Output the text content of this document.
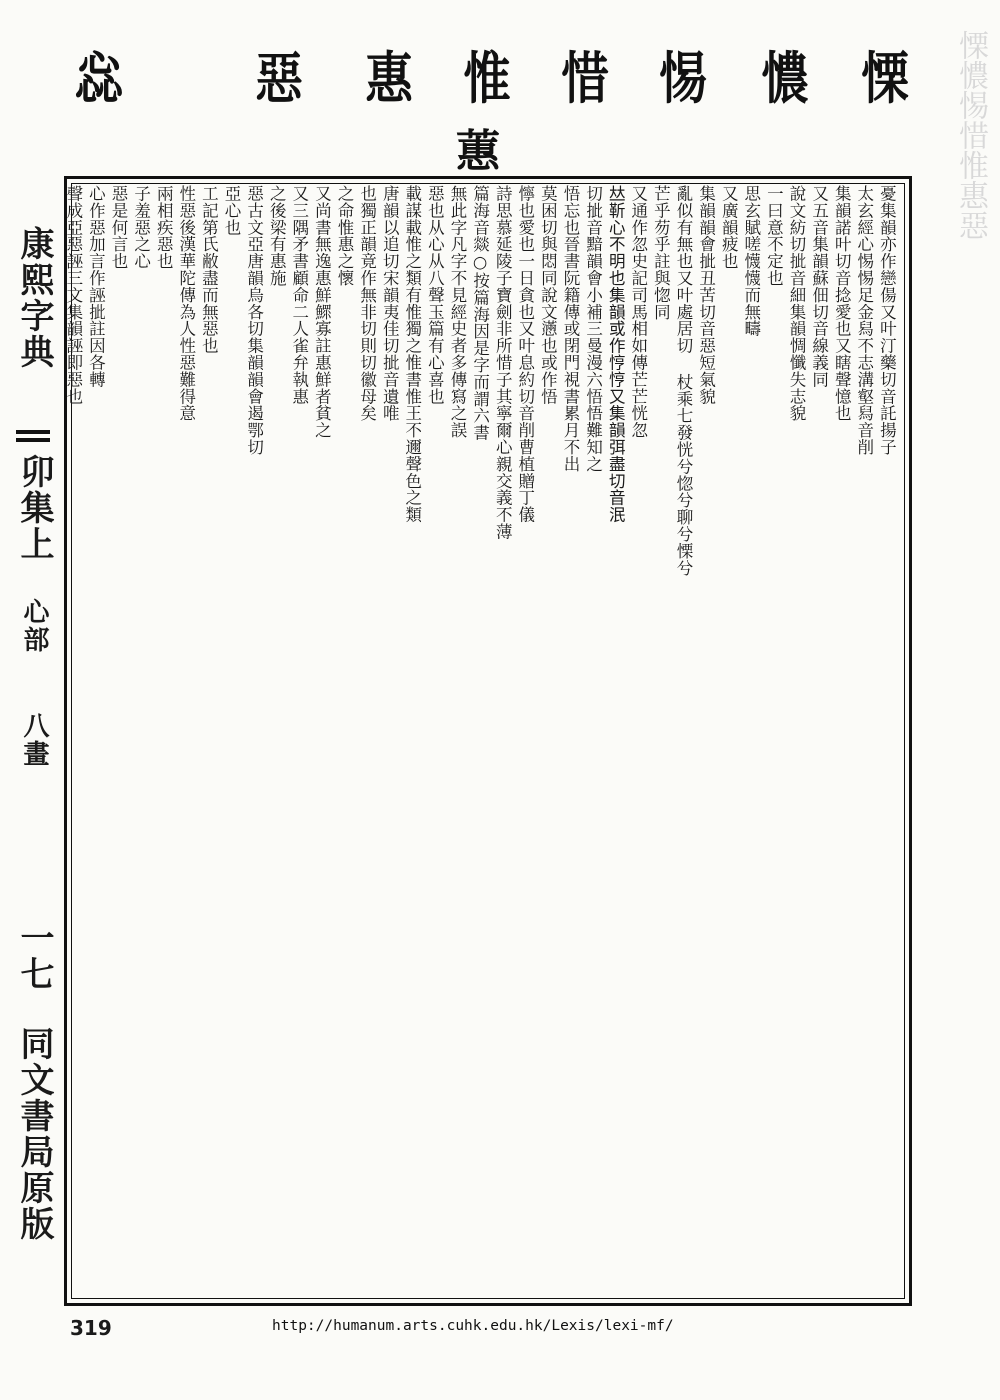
慄憹惕惜惟惠惡
慄
憹
惕
惜
惟
惠
惡
惢
蕙
康熙字典
卯集上
心部
八畫
一七
同文書局原版
憂集韻亦作戀偒又叶汀藥切音託揚子
太玄經心惕惕足金舄不志溝壑舄音削
集韻諾叶切音捻愛也又瞎聲憶也
又五音集韻蘇佃切音線義同
說文紡切㧗音細集韻惆懺失志貌
一曰意不定也
思玄賦嗟懱懱而無疇
又廣韻疲也
集韻韻會㧗丑苦切音惡短氣貌
亂似有無也又叶處居切 杖乘七發恍兮惚兮聊兮慄兮
芒乎芴乎註與惚同
又通作忽史記司馬相如傳芒芒恍忽
𠀤靳心不明也集韻或作悙悙又集韻弭盡切音泯
切㧗音黯韻會小補三曼漫六悟悟難知之
悟忘也晉書阮籍傳或閉門視書累月不出
莫困切與悶同說文懣也或作悟
懧也愛也一日貪也又叶息約切音削曹植贈丁儀
詩思慕延陵子寶劍非所惜子其寧爾心親交義不薄
篇海音燚○按篇海因是字而謂六書
無此字凡字不見經史者多傳寫之誤
惡也从心从八聲玉篇有心喜也
載謀載惟之類有惟獨之惟書惟王不邇聲色之類
唐韻以追切宋韻夷佳切㧗音遺唯
也獨正韻竟作無非切則切徽母矣
之命惟惠之懷
又尚書無逸惠鮮鰥寡註惠鮮者貧之
又三隅矛書顧命二人雀弁執惠
之後梁有惠施
惡古文亞唐韻烏各切集韻韻會遏鄂切
亞心也
工記第氏敝盡而無惡也
性惡後漢華陀傳為人性惡難得意
兩相疾惡也
子羞惡之心
惡是何言也
心作惡加言作誣㧗註因各轉
聲成亞惡誣三文集韻誣即惡也
319	http://humanum.arts.cuhk.edu.hk/Lexis/lexi-mf/
